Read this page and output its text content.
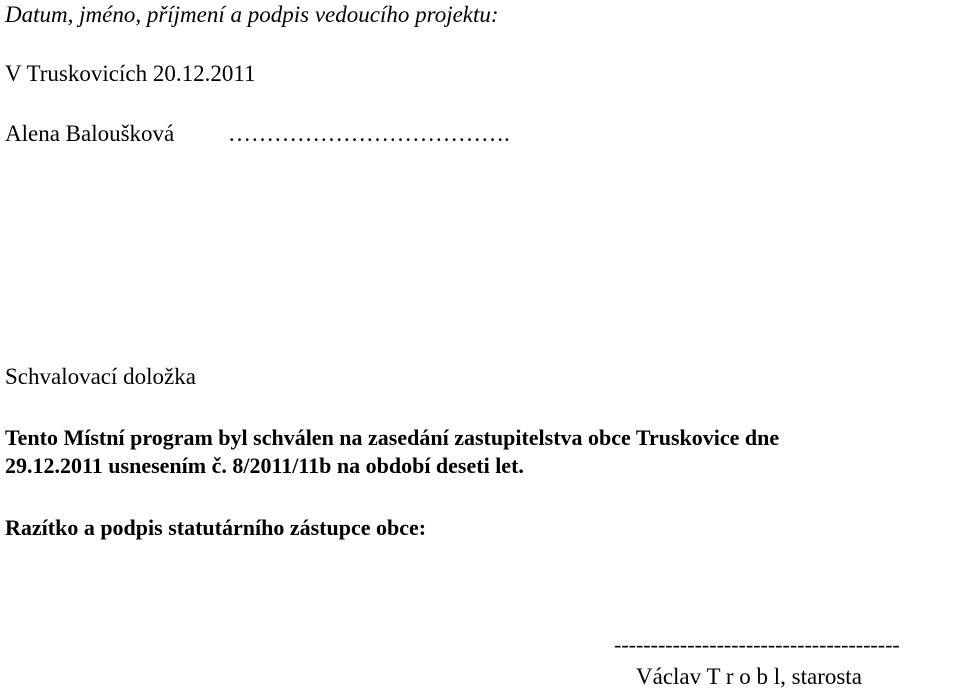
Datum, jméno, příjmení a podpis vedoucího projektu:

V Truskovicích 20.12.2011

Alena Baloušková ……………………………….

Schvalovací doložka

Tento Místní program byl schválen na zasedání zastupitelstva obce Truskovice dne

29.12.2011 usnesením č. 8/2011/11b na období deseti let.

Razítko a podpis statutárního zástupce obce:

---------------------------------------
Václav T r o b l, starosta
